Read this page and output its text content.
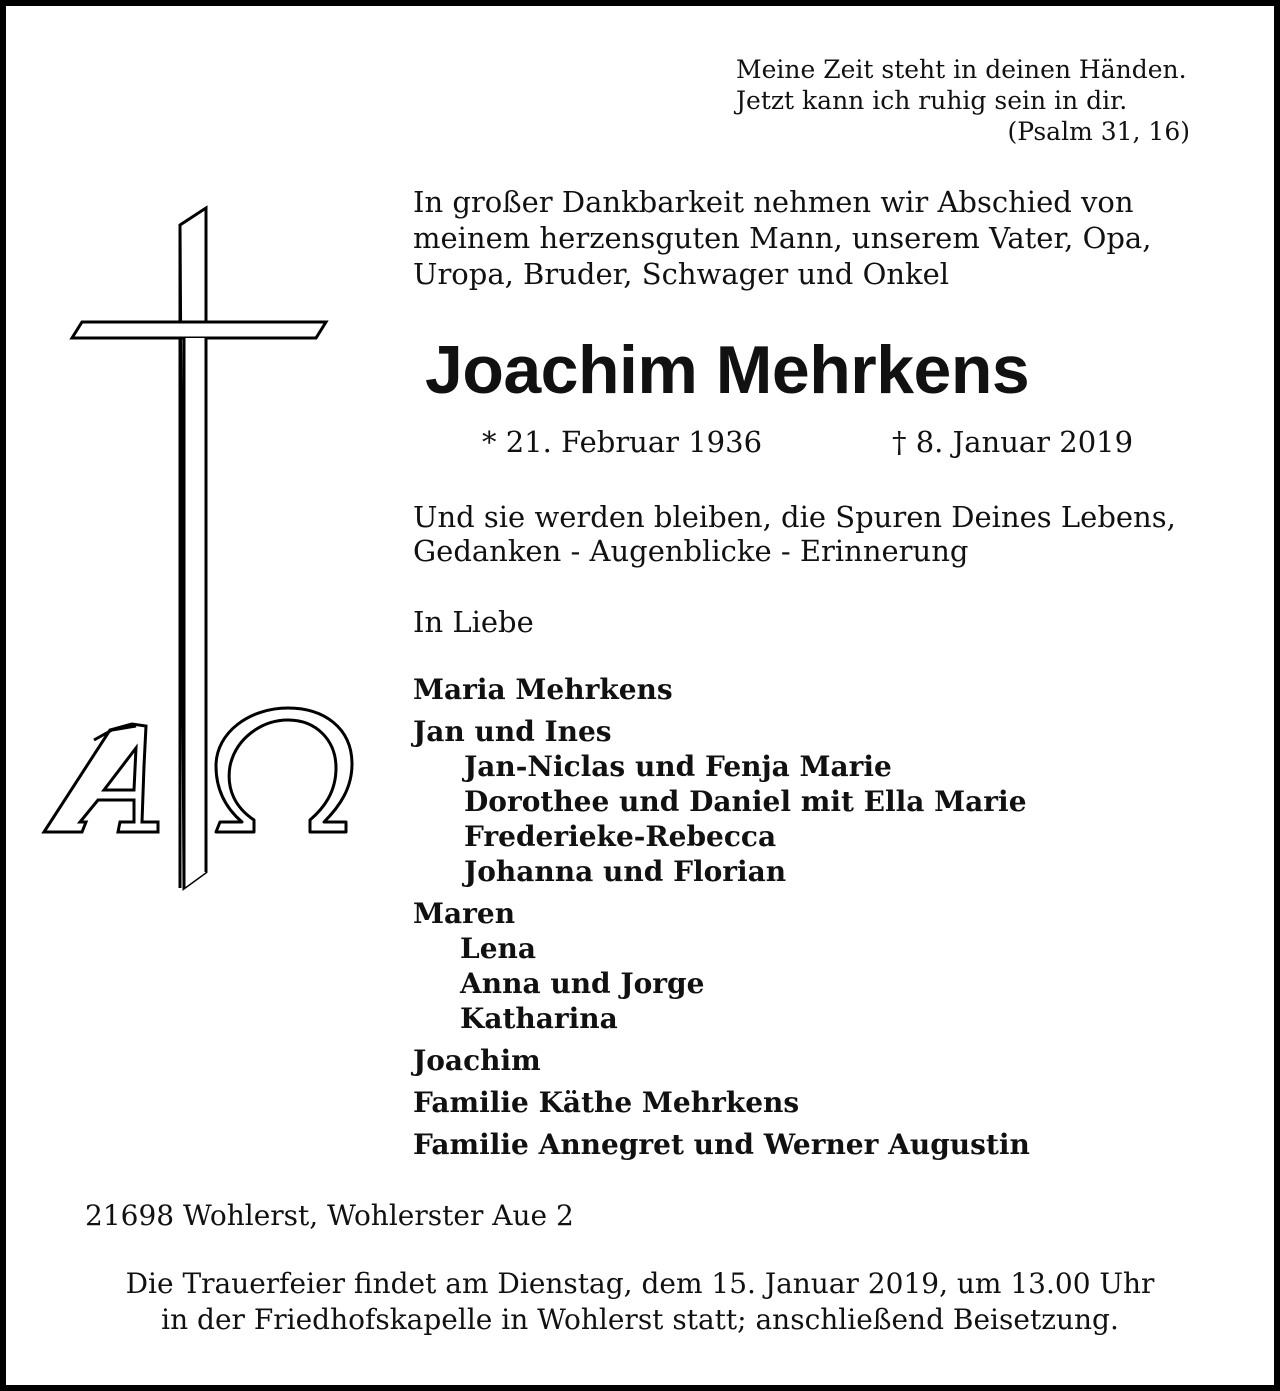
Meine Zeit steht in deinen Händen.
Jetzt kann ich ruhig sein in dir.

(Psalm 31, 16)
In großer Dankbarkeit nehmen wir Abschied von
meinem herzensguten Mann, unserem Vater, Opa,
Uropa, Bruder, Schwager und Onkel
Joachim Mehrkens
* 21. Februar 1936	† 8. Januar 2019
Und sie werden bleiben, die Spuren Deines Lebens,
Gedanken - Augenblicke - Erinnerung
In Liebe

Maria Mehrkens

Jan und Ines

Jan-Niclas und Fenja Marie

Dorothee und Daniel mit Ella Marie

Frederieke-Rebecca

Johanna und Florian

Maren

Lena

Anna und Jorge

Katharina

Joachim

Familie Käthe Mehrkens

Familie Annegret und Werner Augustin

21698 Wohlerst, Wohlerster Aue 2
Die Trauerfeier findet am Dienstag, dem 15. Januar 2019, um 13.00 Uhr
in der Friedhofskapelle in Wohlerst statt; anschließend Beisetzung.
